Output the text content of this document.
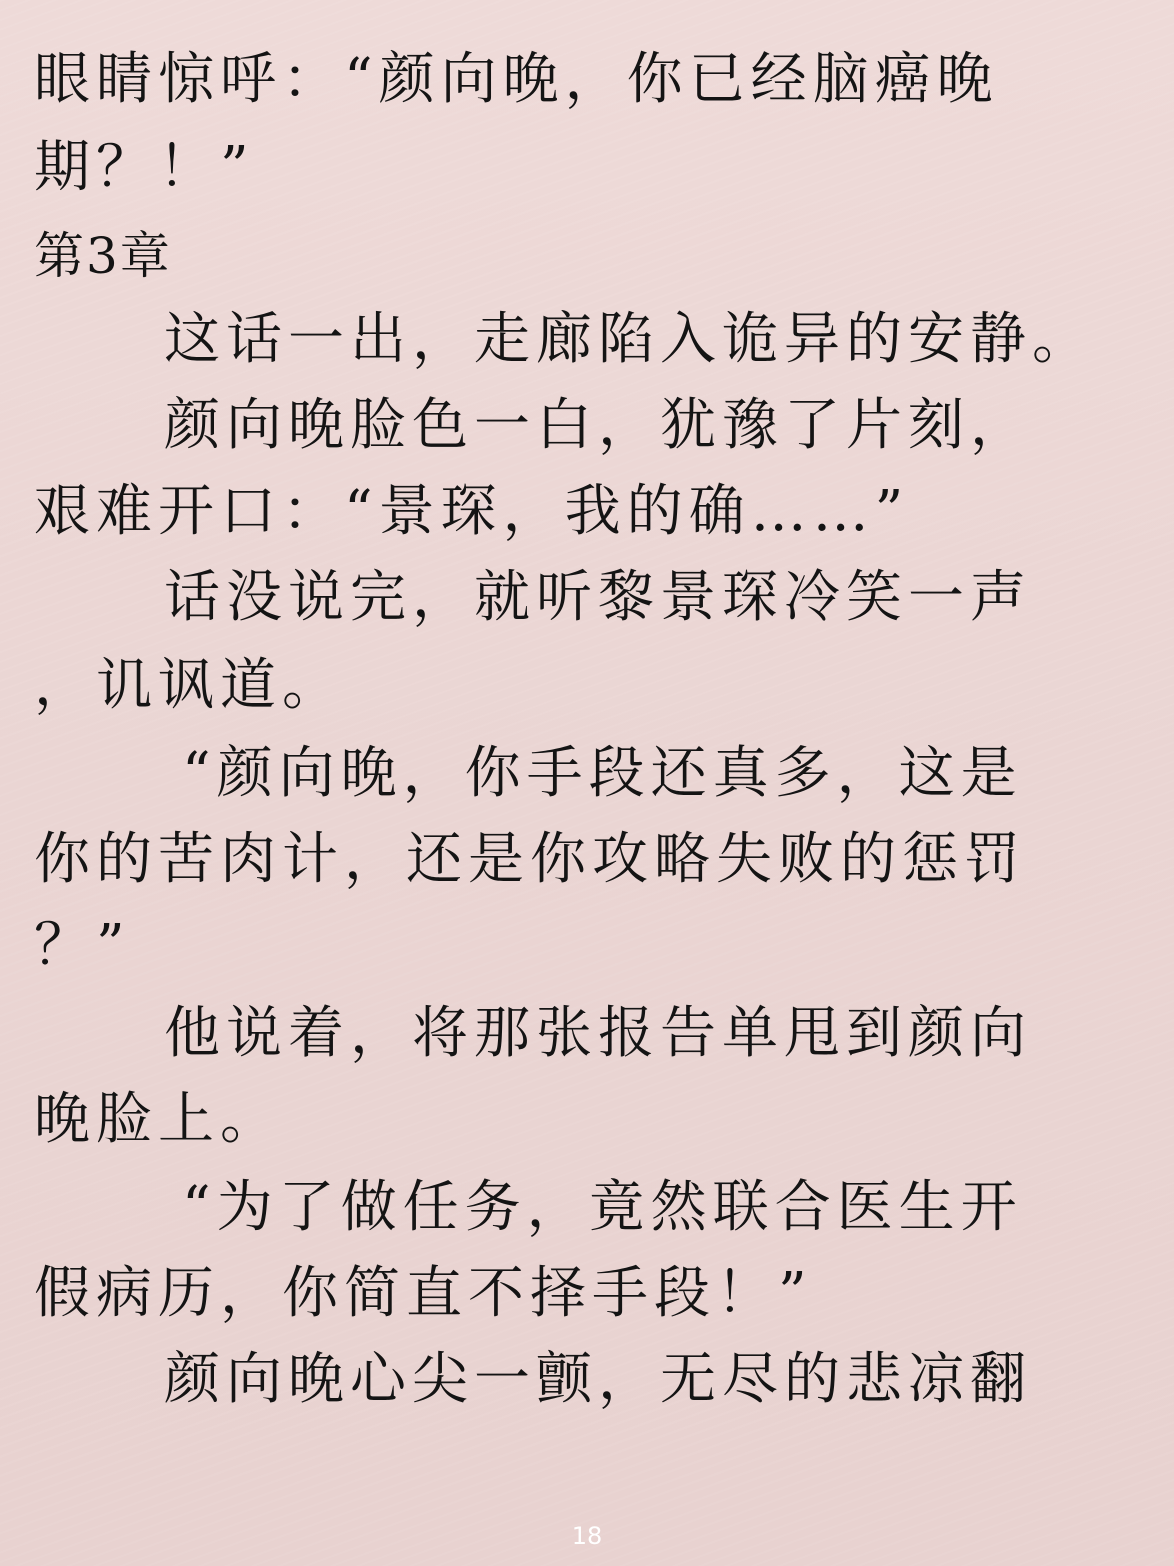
眼睛惊呼：“颜向晚，你已经脑癌晚
期？！”
第3章
这话一出，走廊陷入诡异的安静。
颜向晚脸色一白，犹豫了片刻，
艰难开口：“景琛，我的确……”
话没说完，就听黎景琛冷笑一声
，讥讽道。
“颜向晚，你手段还真多，这是
你的苦肉计，还是你攻略失败的惩罚
？”
他说着，将那张报告单甩到颜向
晚脸上。
“为了做任务，竟然联合医生开
假病历，你简直不择手段！”
颜向晚心尖一颤，无尽的悲凉翻
18
